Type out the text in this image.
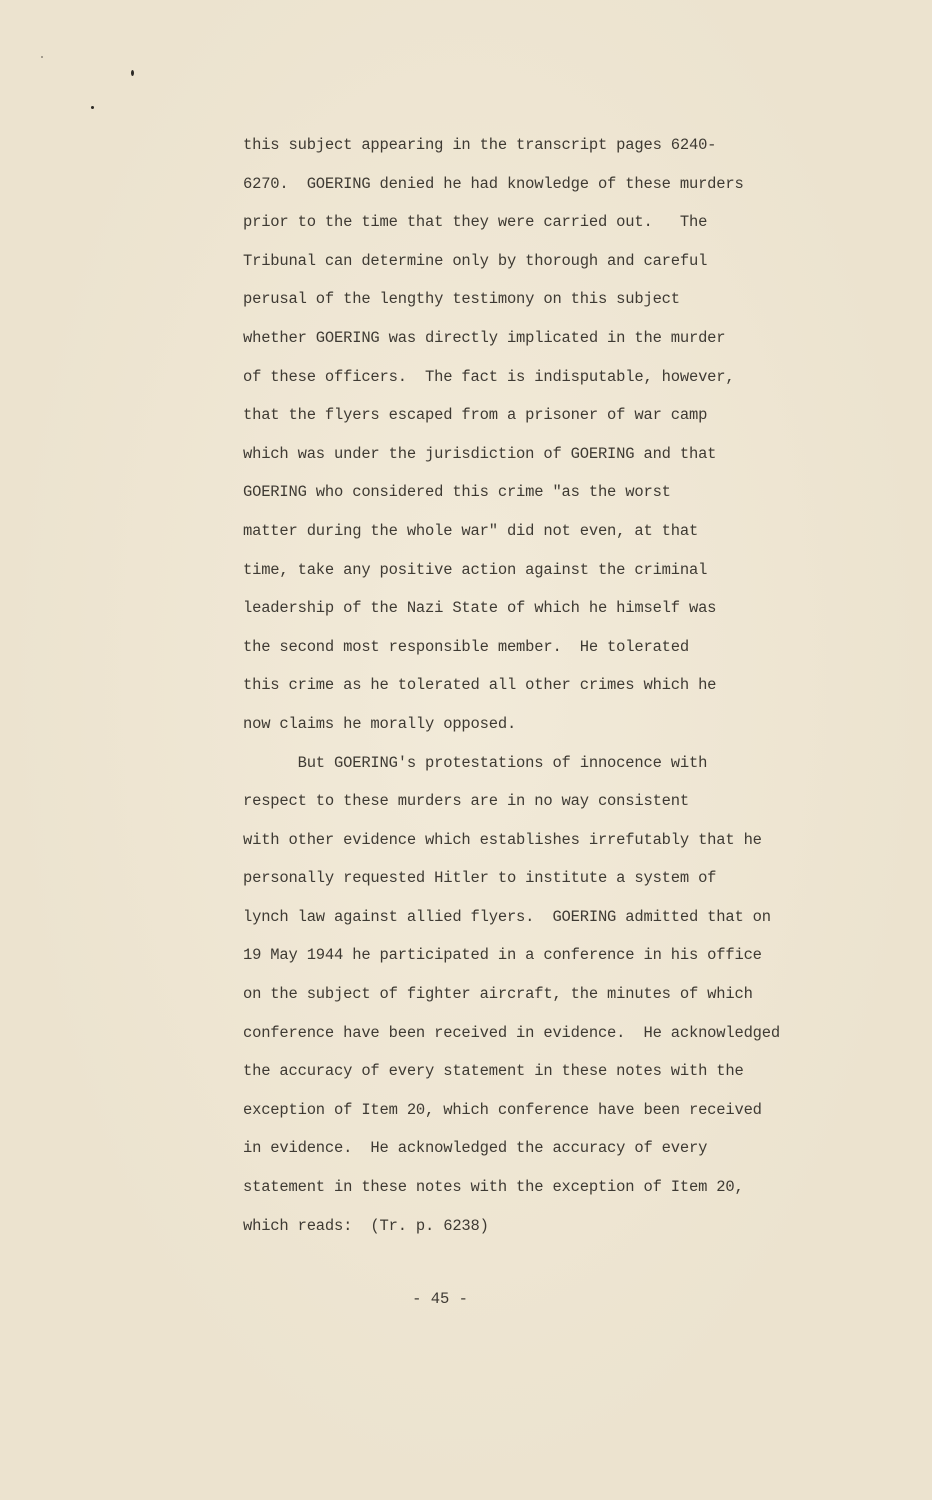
this subject appearing in the transcript pages 6240-
6270.  GOERING denied he had knowledge of these murders
prior to the time that they were carried out.   The
Tribunal can determine only by thorough and careful
perusal of the lengthy testimony on this subject
whether GOERING was directly implicated in the murder
of these officers.  The fact is indisputable, however,
that the flyers escaped from a prisoner of war camp
which was under the jurisdiction of GOERING and that
GOERING who considered this crime "as the worst
matter during the whole war" did not even, at that
time, take any positive action against the criminal
leadership of the Nazi State of which he himself was
the second most responsible member.  He tolerated
this crime as he tolerated all other crimes which he
now claims he morally opposed.
But GOERING's protestations of innocence with
respect to these murders are in no way consistent
with other evidence which establishes irrefutably that he
personally requested Hitler to institute a system of
lynch law against allied flyers.  GOERING admitted that on
19 May 1944 he participated in a conference in his office
on the subject of fighter aircraft, the minutes of which
conference have been received in evidence.  He acknowledged
the accuracy of every statement in these notes with the
exception of Item 20, which conference have been received
in evidence.  He acknowledged the accuracy of every
statement in these notes with the exception of Item 20,
which reads:  (Tr. p. 6238)
- 45 -
